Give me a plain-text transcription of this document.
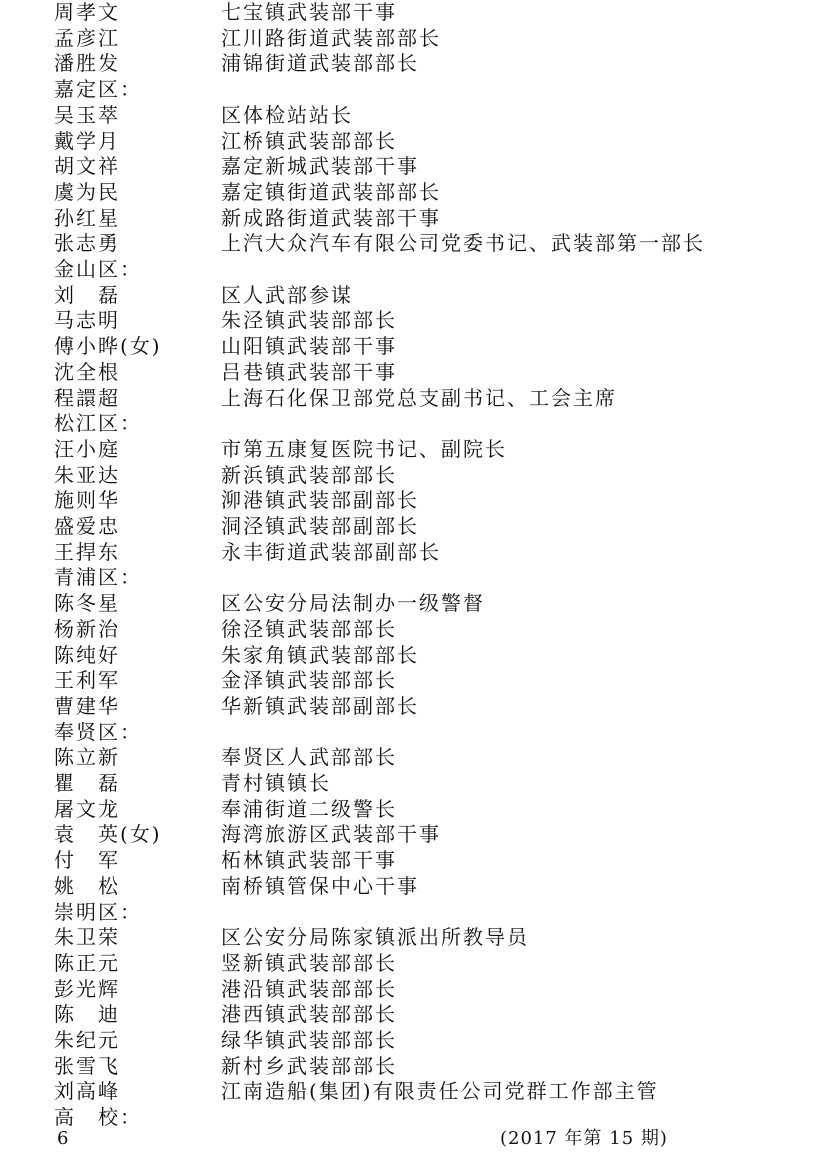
周孝文	七宝镇武装部干事
孟彦江	江川路街道武装部部长
潘胜发	浦锦街道武装部部长
嘉定区：
吴玉萃	区体检站站长
戴学月	江桥镇武装部部长
胡文祥	嘉定新城武装部干事
虞为民	嘉定镇街道武装部部长
孙红星	新成路街道武装部干事
张志勇	上汽大众汽车有限公司党委书记、武装部第一部长
金山区：
刘　磊	区人武部参谋
马志明	朱泾镇武装部部长
傅小晔(女)	山阳镇武装部干事
沈全根	吕巷镇武装部干事
程譞超	上海石化保卫部党总支副书记、工会主席
松江区：
汪小庭	市第五康复医院书记、副院长
朱亚达	新浜镇武装部部长
施则华	泖港镇武装部副部长
盛爱忠	洞泾镇武装部副部长
王捍东	永丰街道武装部副部长
青浦区：
陈冬星	区公安分局法制办一级警督
杨新治	徐泾镇武装部部长
陈纯好	朱家角镇武装部部长
王利军	金泽镇武装部部长
曹建华	华新镇武装部副部长
奉贤区：
陈立新	奉贤区人武部部长
瞿　磊	青村镇镇长
屠文龙	奉浦街道二级警长
袁　英(女)	海湾旅游区武装部干事
付　军	柘林镇武装部干事
姚　松	南桥镇管保中心干事
崇明区：
朱卫荣	区公安分局陈家镇派出所教导员
陈正元	竖新镇武装部部长
彭光辉	港沿镇武装部部长
陈　迪	港西镇武装部部长
朱纪元	绿华镇武装部部长
张雪飞	新村乡武装部部长
刘高峰	江南造船(集团)有限责任公司党群工作部主管
高　校：
6	(2017 年第 15 期)
